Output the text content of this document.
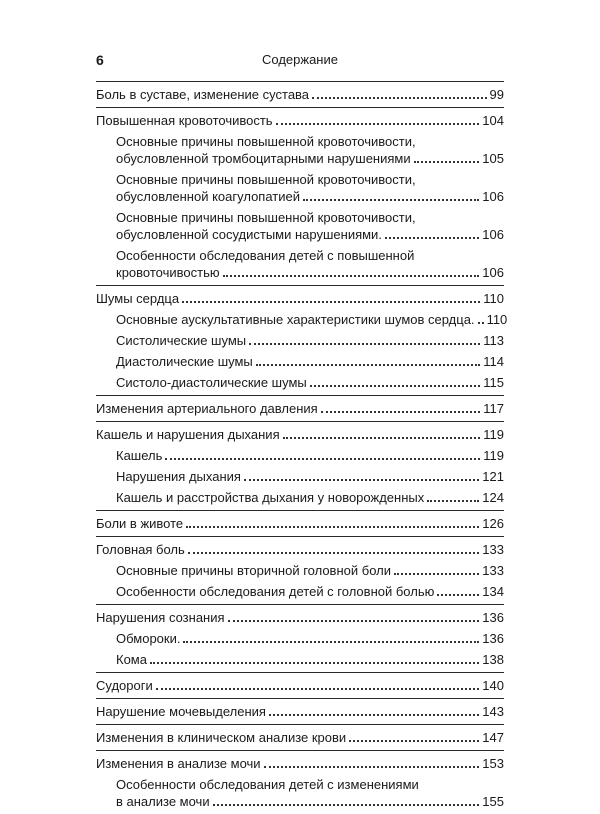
6	Содержание
Боль в суставе, изменение сустава	99
Повышенная кровоточивость	104
Основные причины повышенной кровоточивости,
обусловленной тромбоцитарными нарушениями	105
Основные причины повышенной кровоточивости,
обусловленной коагулопатией	106
Основные причины повышенной кровоточивости,
обусловленной сосудистыми нарушениями.	106
Особенности обследования детей с повышенной
кровоточивостью	106
Шумы сердца	110
Основные аускультативные характеристики шумов сердца. 110
Систолические шумы	113
Диастолические шумы	114
Систоло-диастолические шумы	115
Изменения артериального давления	117
Кашель и нарушения дыхания	119
Кашель	119
Нарушения дыхания	121
Кашель и расстройства дыхания у новорожденных	124
Боли в животе	126
Головная боль	133
Основные причины вторичной головной боли	133
Особенности обследования детей с головной болью	134
Нарушения сознания	136
Обмороки.	136
Кома	138
Судороги	140
Нарушение мочевыделения	143
Изменения в клиническом анализе крови	147
Изменения в анализе мочи	153
Особенности обследования детей с изменениями
в анализе мочи	155
